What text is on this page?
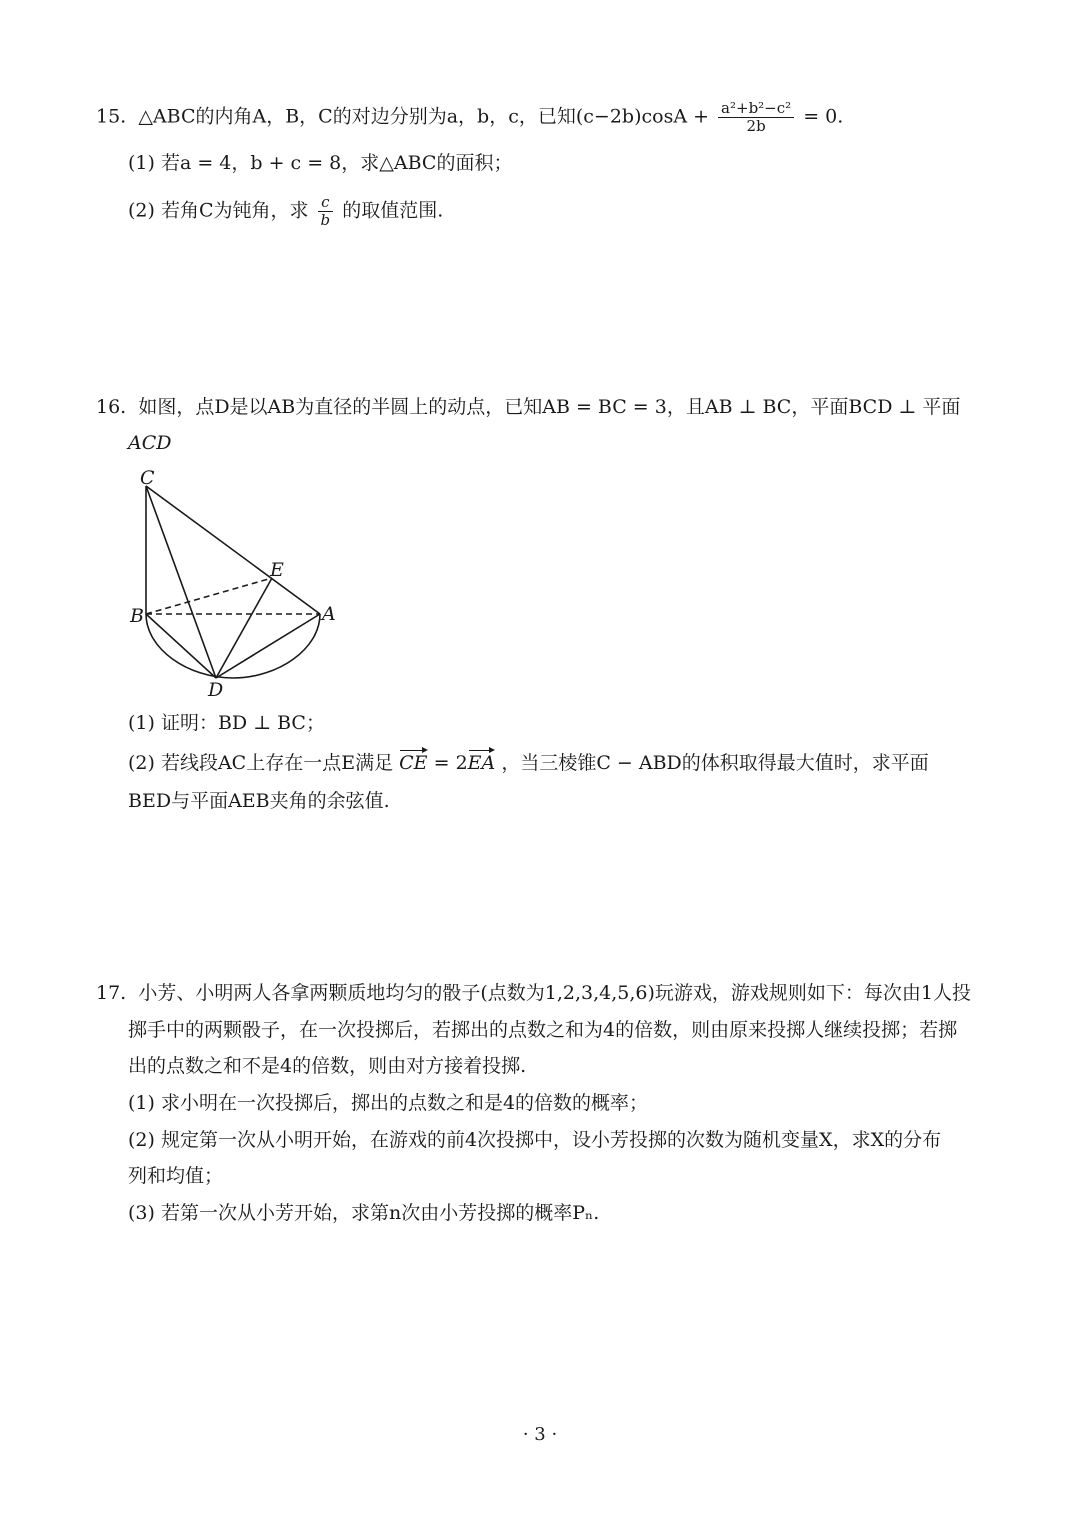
15. △ABC的内角A，B，C的对边分别为a，b，c，已知$(c-2b)\cos A + \frac{\text{a²+b²−c²}}{2b} = 0$.
(1) 若a = 4，b + c = 8，求△ABC的面积；
(2) 若角C为钝角，求 $\frac{c}{b}$ 的取值范围.
16. 如图，点D是以AB为直径的半圆上的动点，已知AB = BC = 3，且AB ⊥ BC，平面BCD ⊥ 平面
ACD
C
E
B	A
D
(1) 证明：BD ⊥ BC；
(2) 若线段AC上存在一点E满足 CE = 2EA ，当三棱锥C − ABD的体积取得最大值时，求平面
BED与平面AEB夹角的余弦值.
17. 小芳、小明两人各拿两颗质地均匀的骰子(点数为1,2,3,4,5,6)玩游戏，游戏规则如下：每次由1人投
掷手中的两颗骰子，在一次投掷后，若掷出的点数之和为4的倍数，则由原来投掷人继续投掷；若掷
出的点数之和不是4的倍数，则由对方接着投掷.
(1) 求小明在一次投掷后，掷出的点数之和是4的倍数的概率；
(2) 规定第一次从小明开始，在游戏的前4次投掷中，设小芳投掷的次数为随机变量X，求X的分布
列和均值；
(3) 若第一次从小芳开始，求第n次由小芳投掷的概率Pₙ.
· 3 ·
